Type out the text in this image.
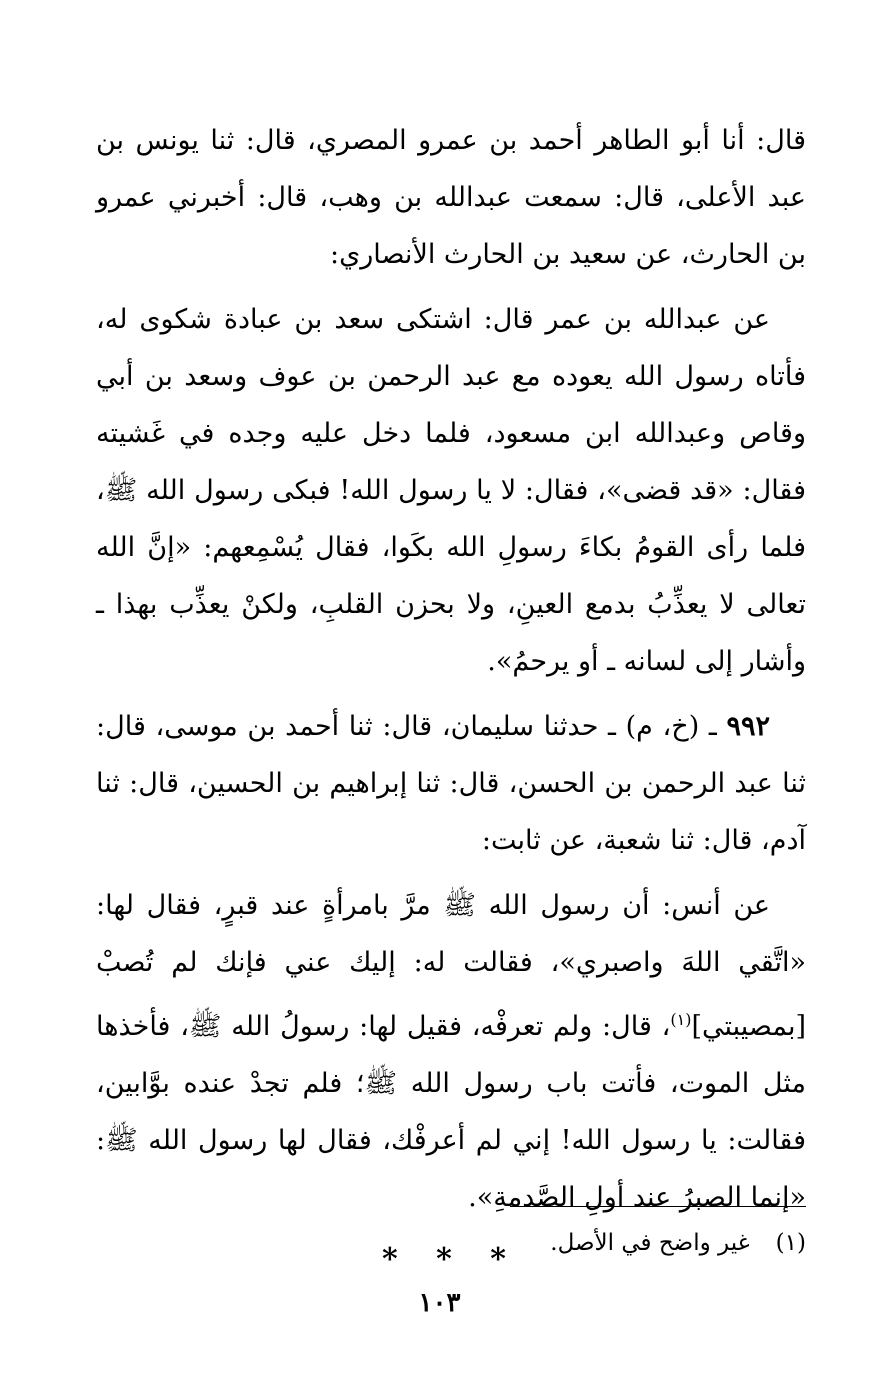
قال: أنا أبو الطاهر أحمد بن عمرو المصري، قال: ثنا يونس بن عبد الأعلى، قال: سمعت عبدالله بن وهب، قال: أخبرني عمرو بن الحارث، عن سعيد بن الحارث الأنصاري:

عن عبدالله بن عمر قال: اشتكى سعد بن عبادة شكوى له، فأتاه رسول الله يعوده مع عبد الرحمن بن عوف وسعد بن أبي وقاص وعبدالله ابن مسعود، فلما دخل عليه وجده في غَشيته فقال: «قد قضى»، فقال: لا يا رسول الله! فبكى رسول الله ﷺ، فلما رأى القومُ بكاءَ رسولِ الله بكَوا، فقال يُسْمِعهم: «إنَّ الله تعالى لا يعذِّبُ بدمع العينِ، ولا بحزن القلبِ، ولكنْ يعذِّب بهذا ـ وأشار إلى لسانه ـ أو يرحمُ».

٩٩٢ ـ (خ، م) ـ حدثنا سليمان، قال: ثنا أحمد بن موسى، قال: ثنا عبد الرحمن بن الحسن، قال: ثنا إبراهيم بن الحسين، قال: ثنا آدم، قال: ثنا شعبة، عن ثابت:

عن أنس: أن رسول الله ﷺ مرَّ بامرأةٍ عند قبرٍ، فقال لها: «اتَّقي اللهَ واصبري»، فقالت له: إليك عني فإنك لم تُصبْ [بمصيبتي]$^{(١)}$، قال: ولم تعرفْه، فقيل لها: رسولُ الله ﷺ، فأخذها مثل الموت، فأتت باب رسول الله ﷺ؛ فلم تجدْ عنده بوَّابين، فقالت: يا رسول الله! إني لم أعرفْك، فقال لها رسول الله ﷺ: «إنما الصبرُ عند أولِ الصَّدمةِ».

* * *	(١)غير واضح في الأصل.
١٠٣
